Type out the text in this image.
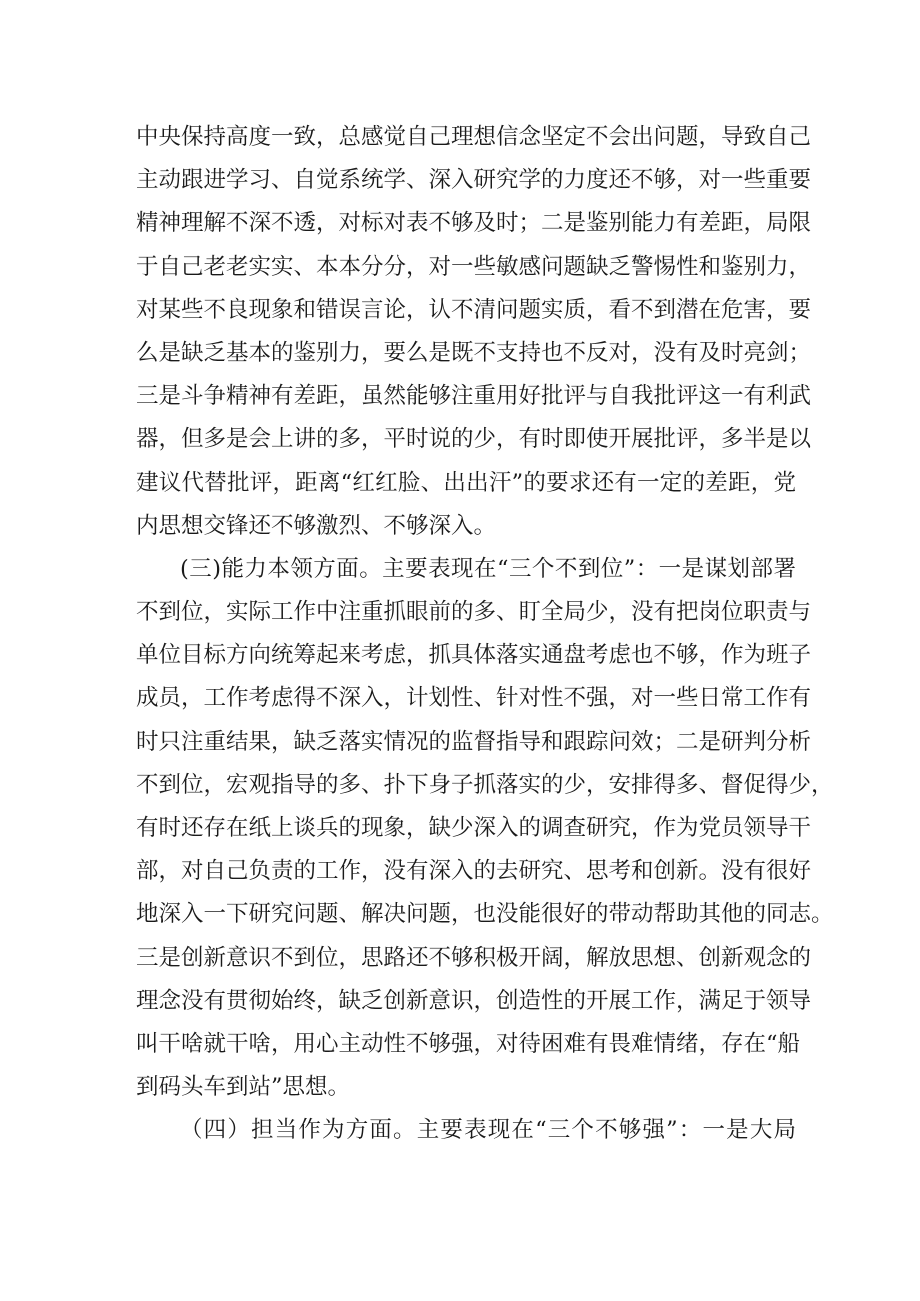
中央保持高度一致，总感觉自己理想信念坚定不会出问题，导致自己
主动跟进学习、自觉系统学、深入研究学的力度还不够，对一些重要
精神理解不深不透，对标对表不够及时；二是鉴别能力有差距，局限
于自己老老实实、本本分分，对一些敏感问题缺乏警惕性和鉴别力，
对某些不良现象和错误言论，认不清问题实质，看不到潜在危害，要
么是缺乏基本的鉴别力，要么是既不支持也不反对，没有及时亮剑；
三是斗争精神有差距，虽然能够注重用好批评与自我批评这一有利武
器，但多是会上讲的多，平时说的少，有时即使开展批评，多半是以
建议代替批评，距离“红红脸、出出汗”的要求还有一定的差距，党
内思想交锋还不够激烈、不够深入。
(三)能力本领方面。主要表现在“三个不到位”：一是谋划部署
不到位，实际工作中注重抓眼前的多、盯全局少，没有把岗位职责与
单位目标方向统筹起来考虑，抓具体落实通盘考虑也不够，作为班子
成员，工作考虑得不深入，计划性、针对性不强，对一些日常工作有
时只注重结果，缺乏落实情况的监督指导和跟踪问效；二是研判分析
不到位，宏观指导的多、扑下身子抓落实的少，安排得多、督促得少，
有时还存在纸上谈兵的现象，缺少深入的调查研究，作为党员领导干
部，对自己负责的工作，没有深入的去研究、思考和创新。没有很好
地深入一下研究问题、解决问题，也没能很好的带动帮助其他的同志。
三是创新意识不到位，思路还不够积极开阔，解放思想、创新观念的
理念没有贯彻始终，缺乏创新意识，创造性的开展工作，满足于领导
叫干啥就干啥，用心主动性不够强，对待困难有畏难情绪，存在“船
到码头车到站”思想。
（四）担当作为方面。主要表现在“三个不够强”：一是大局
